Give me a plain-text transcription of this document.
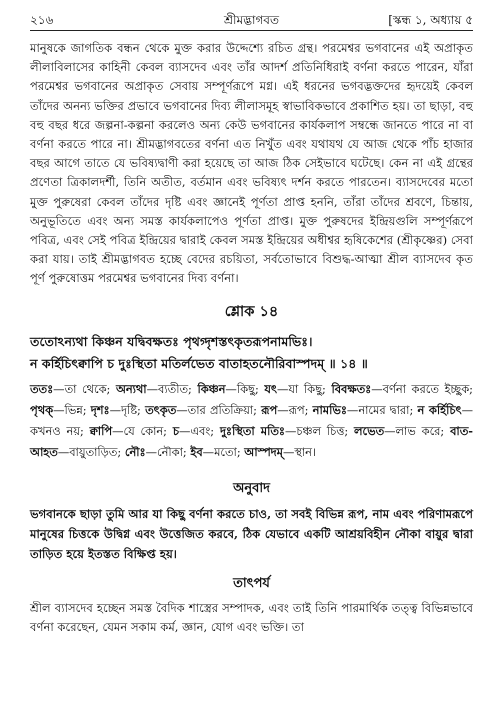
২১৬	শ্রীমদ্ভাগবত	[স্কন্ধ ১, অধ্যায় ৫

মানুষকে জাগতিক বন্ধন থেকে মুক্ত করার উদ্দেশ্যে রচিত গ্রন্থ। পরমেশ্বর ভগবানের এই অপ্রাকৃত লীলাবিলাসের কাহিনী কেবল ব্যাসদেব এবং তাঁর আদর্শ প্রতিনিধিরাই বর্ণনা করতে পারেন, যাঁরা পরমেশ্বর ভগবানের অপ্রাকৃত সেবায় সম্পূর্ণরূপে মগ্ন। এই ধরনের ভগবদ্ভক্তদের হৃদয়েই কেবল তাঁদের অনন্য ভক্তির প্রভাবে ভগবানের দিব্য লীলাসমূহ স্বাভাবিকভাবে প্রকাশিত হয়। তা ছাড়া, বহু বহু বছর ধরে জল্পনা-কল্পনা করলেও অন্য কেউ ভগবানের কার্যকলাপ সম্বন্ধে জানতে পারে না বা বর্ণনা করতে পারে না। শ্রীমদ্ভাগবতের বর্ণনা এত নিখুঁত এবং যথাযথ যে আজ থেকে পাঁচ হাজার বছর আগে তাতে যে ভবিষ্যদ্বাণী করা হয়েছে তা আজ ঠিক সেইভাবে ঘটেছে। কেন না এই গ্রন্থের প্রণেতা ত্রিকালদর্শী, তিনি অতীত, বর্তমান এবং ভবিষ্যৎ দর্শন করতে পারতেন। ব্যাসদেবের মতো মুক্ত পুরুষেরা কেবল তাঁদের দৃষ্টি এবং জ্ঞানেই পূর্ণতা প্রাপ্ত হননি, তাঁরা তাঁদের শ্রবণে, চিন্তায়, অনুভূতিতে এবং অন্য সমস্ত কার্যকলাপেও পূর্ণতা প্রাপ্ত। মুক্ত পুরুষদের ইন্দ্রিয়গুলি সম্পূর্ণরূপে পবিত্র, এবং সেই পবিত্র ইন্দ্রিয়ের দ্বারাই কেবল সমস্ত ইন্দ্রিয়ের অধীশ্বর হৃষিকেশের (শ্রীকৃষ্ণের) সেবা করা যায়। তাই শ্রীমদ্ভাগবত হচ্ছে বেদের রচয়িতা, সর্বতোভাবে বিশুদ্ধ-আত্মা শ্রীল ব্যাসদেব কৃত পূর্ণ পুরুষোত্তম পরমেশ্বর ভগবানের দিব্য বর্ণনা।

শ্লোক ১৪

ততোঽন্যথা কিঞ্চন যদ্বিবক্ষতঃ পৃথগ্দৃশস্তৎকৃতরূপনামভিঃ।

ন কর্হিচিৎক্বাপি চ দুঃস্থিতা মতির্লভেত বাতাহতনৌরিবাস্পদম্ ॥ ১৪ ॥

ততঃ—তা থেকে; অন্যথা—ব্যতীত; কিঞ্চন—কিছু; যৎ—যা কিছু; বিবক্ষতঃ—বর্ণনা করতে ইচ্ছুক; পৃথক্—ভিন্ন; দৃশঃ—দৃষ্টি; তৎকৃত—তার প্রতিক্রিয়া; রূপ—রূপ; নামভিঃ—নামের দ্বারা; ন কর্হিচিৎ—কখনও নয়; ক্বাপি—যে কোন; চ—এবং; দুঃস্থিতা মতিঃ—চঞ্চল চিত্ত; লভেত—লাভ করে; বাত-আহত—বায়ুতাড়িত; নৌঃ—নৌকা; ইব—মতো; আস্পদম্—স্থান।

অনুবাদ

ভগবানকে ছাড়া তুমি আর যা কিছু বর্ণনা করতে চাও, তা সবই বিভিন্ন রূপ, নাম এবং পরিণামরূপে মানুষের চিত্তকে উদ্বিগ্ন এবং উত্তেজিত করবে, ঠিক যেভাবে একটি আশ্রয়বিহীন নৌকা বায়ুর দ্বারা তাড়িত হয়ে ইতস্তত বিক্ষিপ্ত হয়।

তাৎপর্য

শ্রীল ব্যাসদেব হচ্ছেন সমস্ত বৈদিক শাস্ত্রের সম্পাদক, এবং তাই তিনি পারমার্থিক তত্ত্ব বিভিন্নভাবে বর্ণনা করেছেন, যেমন সকাম কর্ম, জ্ঞান, যোগ এবং ভক্তি। তা
